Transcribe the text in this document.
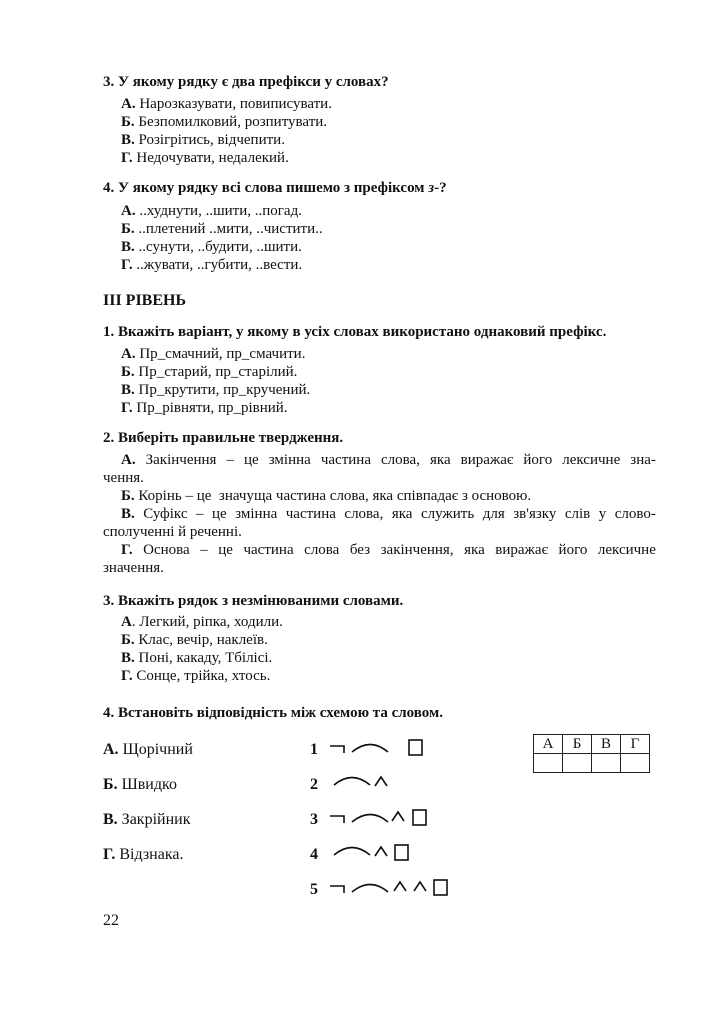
3. У якому рядку є два префікси у словах?
А. Нарозказувати, повиписувати.
Б. Безпомилковий, розпитувати.
В. Розігрітись, відчепити.
Г. Недочувати, недалекий.
4. У якому рядку всі слова пишемо з префіксом з-?
А. ..худнути, ..шити, ..погад.
Б. ..плетений ..мити, ..чистити..
В. ..сунути, ..будити, ..шити.
Г. ..жувати, ..губити, ..вести.
ІІІ РІВЕНЬ
1. Вкажіть варіант, у якому в усіх словах використано однаковий префікс.
А. Пр_смачний, пр_смачити.
Б. Пр_старий, пр_старілий.
В. Пр_крутити, пр_кручений.
Г. Пр_рівняти, пр_рівний.
2. Виберіть правильне твердження.
А. Закінчення – це змінна частина слова, яка виражає його лексичне зна-
чення.
Б. Корінь – це  значуща частина слова, яка співпадає з основою.
В. Суфікс – це змінна частина слова, яка служить для зв'язку слів у слово-
сполученні й реченні.
Г. Основа – це частина слова без закінчення, яка виражає його лексичне
значення.
3. Вкажіть рядок з незмінюваними словами.
А. Легкий, ріпка, ходили.
Б. Клас, вечір, наклеїв.
В. Поні, какаду, Тбілісі.
Г. Сонце, трійка, хтось.
4. Встановіть відповідність між схемою та словом.
А. Щорічний
Б. Швидко
В. Закрійник
Г. Відзнака.
1
2
3
4
5
А	Б	В	Г

22
